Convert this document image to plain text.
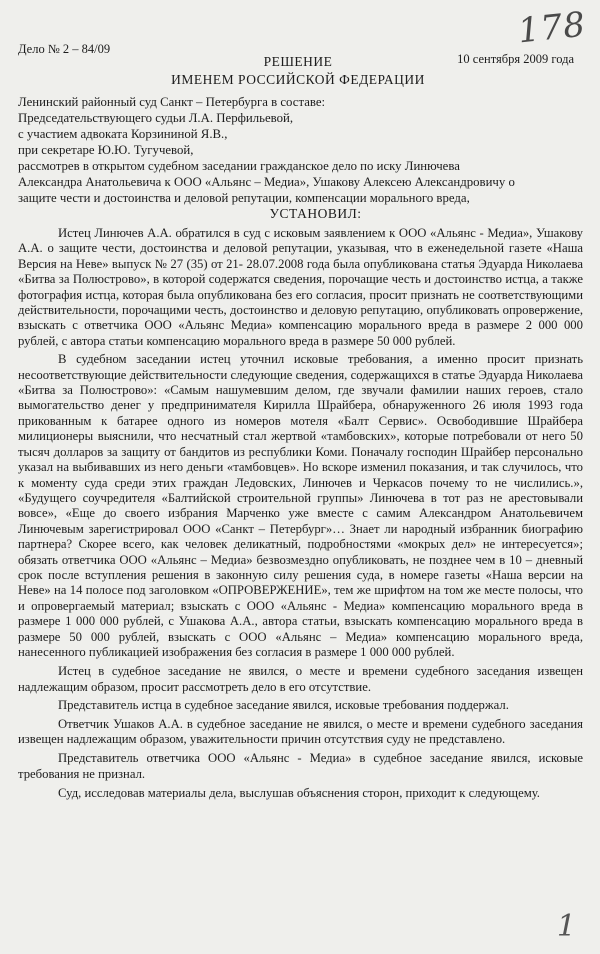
178
Дело № 2 – 84/09
10 сентября 2009 года
РЕШЕНИЕ
ИМЕНЕМ РОССИЙСКОЙ ФЕДЕРАЦИИ
Ленинский районный суд Санкт – Петербурга в составе:
Председательствующего судьи Л.А. Перфильевой,
с участием адвоката Корзининой Я.В.,
при секретаре Ю.Ю. Тугучевой,
рассмотрев в открытом судебном заседании гражданское дело по иску Линючева
Александра Анатольевича к ООО «Альянс – Медиа», Ушакову Алексею Александровичу о
защите чести и достоинства и деловой репутации, компенсации морального вреда,
УСТАНОВИЛ:

Истец Линючев А.А. обратился в суд с исковым заявлением к ООО «Альянс - Медиа», Ушакову А.А. о защите чести, достоинства и деловой репутации, указывая, что в еженедельной газете «Наша Версия на Неве» выпуск № 27 (35) от 21- 28.07.2008 года была опубликована статья Эдуарда Николаева «Битва за Полюстрово», в которой содержатся сведения, порочащие честь и достоинство истца, а также фотография истца, которая была опубликована без его согласия, просит признать не соответствующими действительности, порочащими честь, достоинство и деловую репутацию, опубликовать опровержение, взыскать с ответчика ООО «Альянс Медиа» компенсацию морального вреда в размере 2 000 000 рублей, с автора статьи компенсацию морального вреда в размере 50 000 рублей.

В судебном заседании истец уточнил исковые требования, а именно просит признать несоответствующие действительности следующие сведения, содержащихся в статье Эдуарда Николаева «Битва за Полюстрово»: «Самым нашумевшим делом, где звучали фамилии наших героев, стало вымогательство денег у предпринимателя Кирилла Шрайбера, обнаруженного 26 июля 1993 года прикованным к батарее одного из номеров мотеля «Балт Сервис». Освободившие Шрайбера милиционеры выяснили, что несчатный стал жертвой «тамбовских», которые потребовали от него 50 тысяч долларов за защиту от бандитов из республики Коми. Поначалу господин Шрайбер персонально указал на выбивавших из него деньги «тамбовцев». Но вскоре изменил показания, и так случилось, что к моменту суда среди этих граждан Ледовских, Линючев и Черкасов почему то не числились.», «Будущего соучредителя «Балтийской строительной группы» Линючева в тот раз не арестовывали вовсе», «Еще до своего избрания Марченко уже вместе с самим Александром Анатольевичем Линючевым зарегистрировал ООО «Санкт – Петербург»… Знает ли народный избранник биографию партнера? Скорее всего, как человек деликатный, подробностями «мокрых дел» не интересуется»; обязать ответчика ООО «Альянс – Медиа» безвозмездно опубликовать, не позднее чем в 10 – дневный срок после вступления решения в законную силу решения суда, в номере газеты «Наша версии на Неве» на 14 полосе под заголовком «ОПРОВЕРЖЕНИЕ», тем же шрифтом на том же месте полосы, что и опровергаемый материал; взыскать с ООО «Альянс - Медиа» компенсацию морального вреда в размере 1 000 000 рублей, с Ушакова А.А., автора статьи, взыскать компенсацию морального вреда в размере 50 000 рублей, взыскать с ООО «Альянс – Медиа» компенсацию морального вреда, нанесенного публикацией изображения без согласия в размере 1 000 000 рублей.

Истец в судебное заседание не явился, о месте и времени судебного заседания извещен надлежащим образом, просит рассмотреть дело в его отсутствие.

Представитель истца в судебное заседание явился, исковые требования поддержал.

Ответчик Ушаков А.А. в судебное заседание не явился, о месте и времени судебного заседания извещен надлежащим образом, уважительности причин отсутствия суду не представлено.

Представитель ответчика ООО «Альянс - Медиа» в судебное заседание явился, исковые требования не признал.

Суд, исследовав материалы дела, выслушав объяснения сторон, приходит к следующему.

1
